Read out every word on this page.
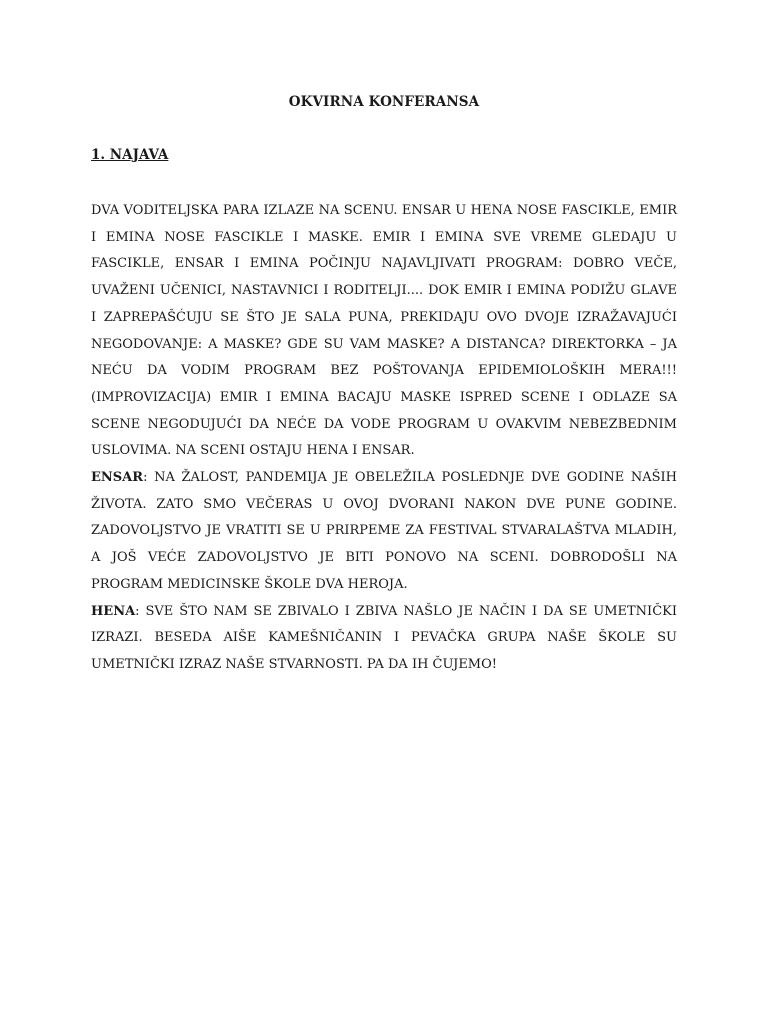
OKVIRNA KONFERANSA
1. NAJAVA

DVA VODITELJSKA PARA IZLAZE NA SCENU. ENSAR U HENA NOSE FASCIKLE, EMIR I EMINA NOSE FASCIKLE I MASKE. EMIR I EMINA SVE VREME GLEDAJU U FASCIKLE, ENSAR I EMINA POČINJU NAJAVLJIVATI PROGRAM: DOBRO VEČE, UVAŽENI UČENICI, NASTAVNICI I RODITELJI.... DOK EMIR I EMINA PODIŽU GLAVE I ZAPREPAŠĆUJU SE ŠTO JE SALA PUNA, PREKIDAJU OVO DVOJE IZRAŽAVAJUĆI NEGODOVANJE: A MASKE? GDE SU VAM MASKE? A DISTANCA? DIREKTORKA – JA NEĆU DA VODIM PROGRAM BEZ POŠTOVANJA EPIDEMIOLOŠKIH MERA!!! (IMPROVIZACIJA) EMIR I EMINA BACAJU MASKE ISPRED SCENE I ODLAZE SA SCENE NEGODUJUĆI DA NEĆE DA VODE PROGRAM U OVAKVIM NEBEZBEDNIM USLOVIMA. NA SCENI OSTAJU HENA I ENSAR.

ENSAR: NA ŽALOST, PANDEMIJA JE OBELEŽILA POSLEDNJE DVE GODINE NAŠIH ŽIVOTA. ZATO SMO VEČERAS U OVOJ DVORANI NAKON DVE PUNE GODINE. ZADOVOLJSTVO JE VRATITI SE U PRIRPEME ZA FESTIVAL STVARALAŠTVA MLADIH, A JOŠ VEĆE ZADOVOLJSTVO JE BITI PONOVO NA SCENI. DOBRODOŠLI NA PROGRAM MEDICINSKE ŠKOLE DVA HEROJA.

HENA: SVE ŠTO NAM SE ZBIVALO I ZBIVA NAŠLO JE NAČIN I DA SE UMETNIČKI IZRAZI. BESEDA AIŠE KAMEŠNIČANIN I PEVAČKA GRUPA NAŠE ŠKOLE SU UMETNIČKI IZRAZ NAŠE STVARNOSTI. PA DA IH ČUJEMO!
